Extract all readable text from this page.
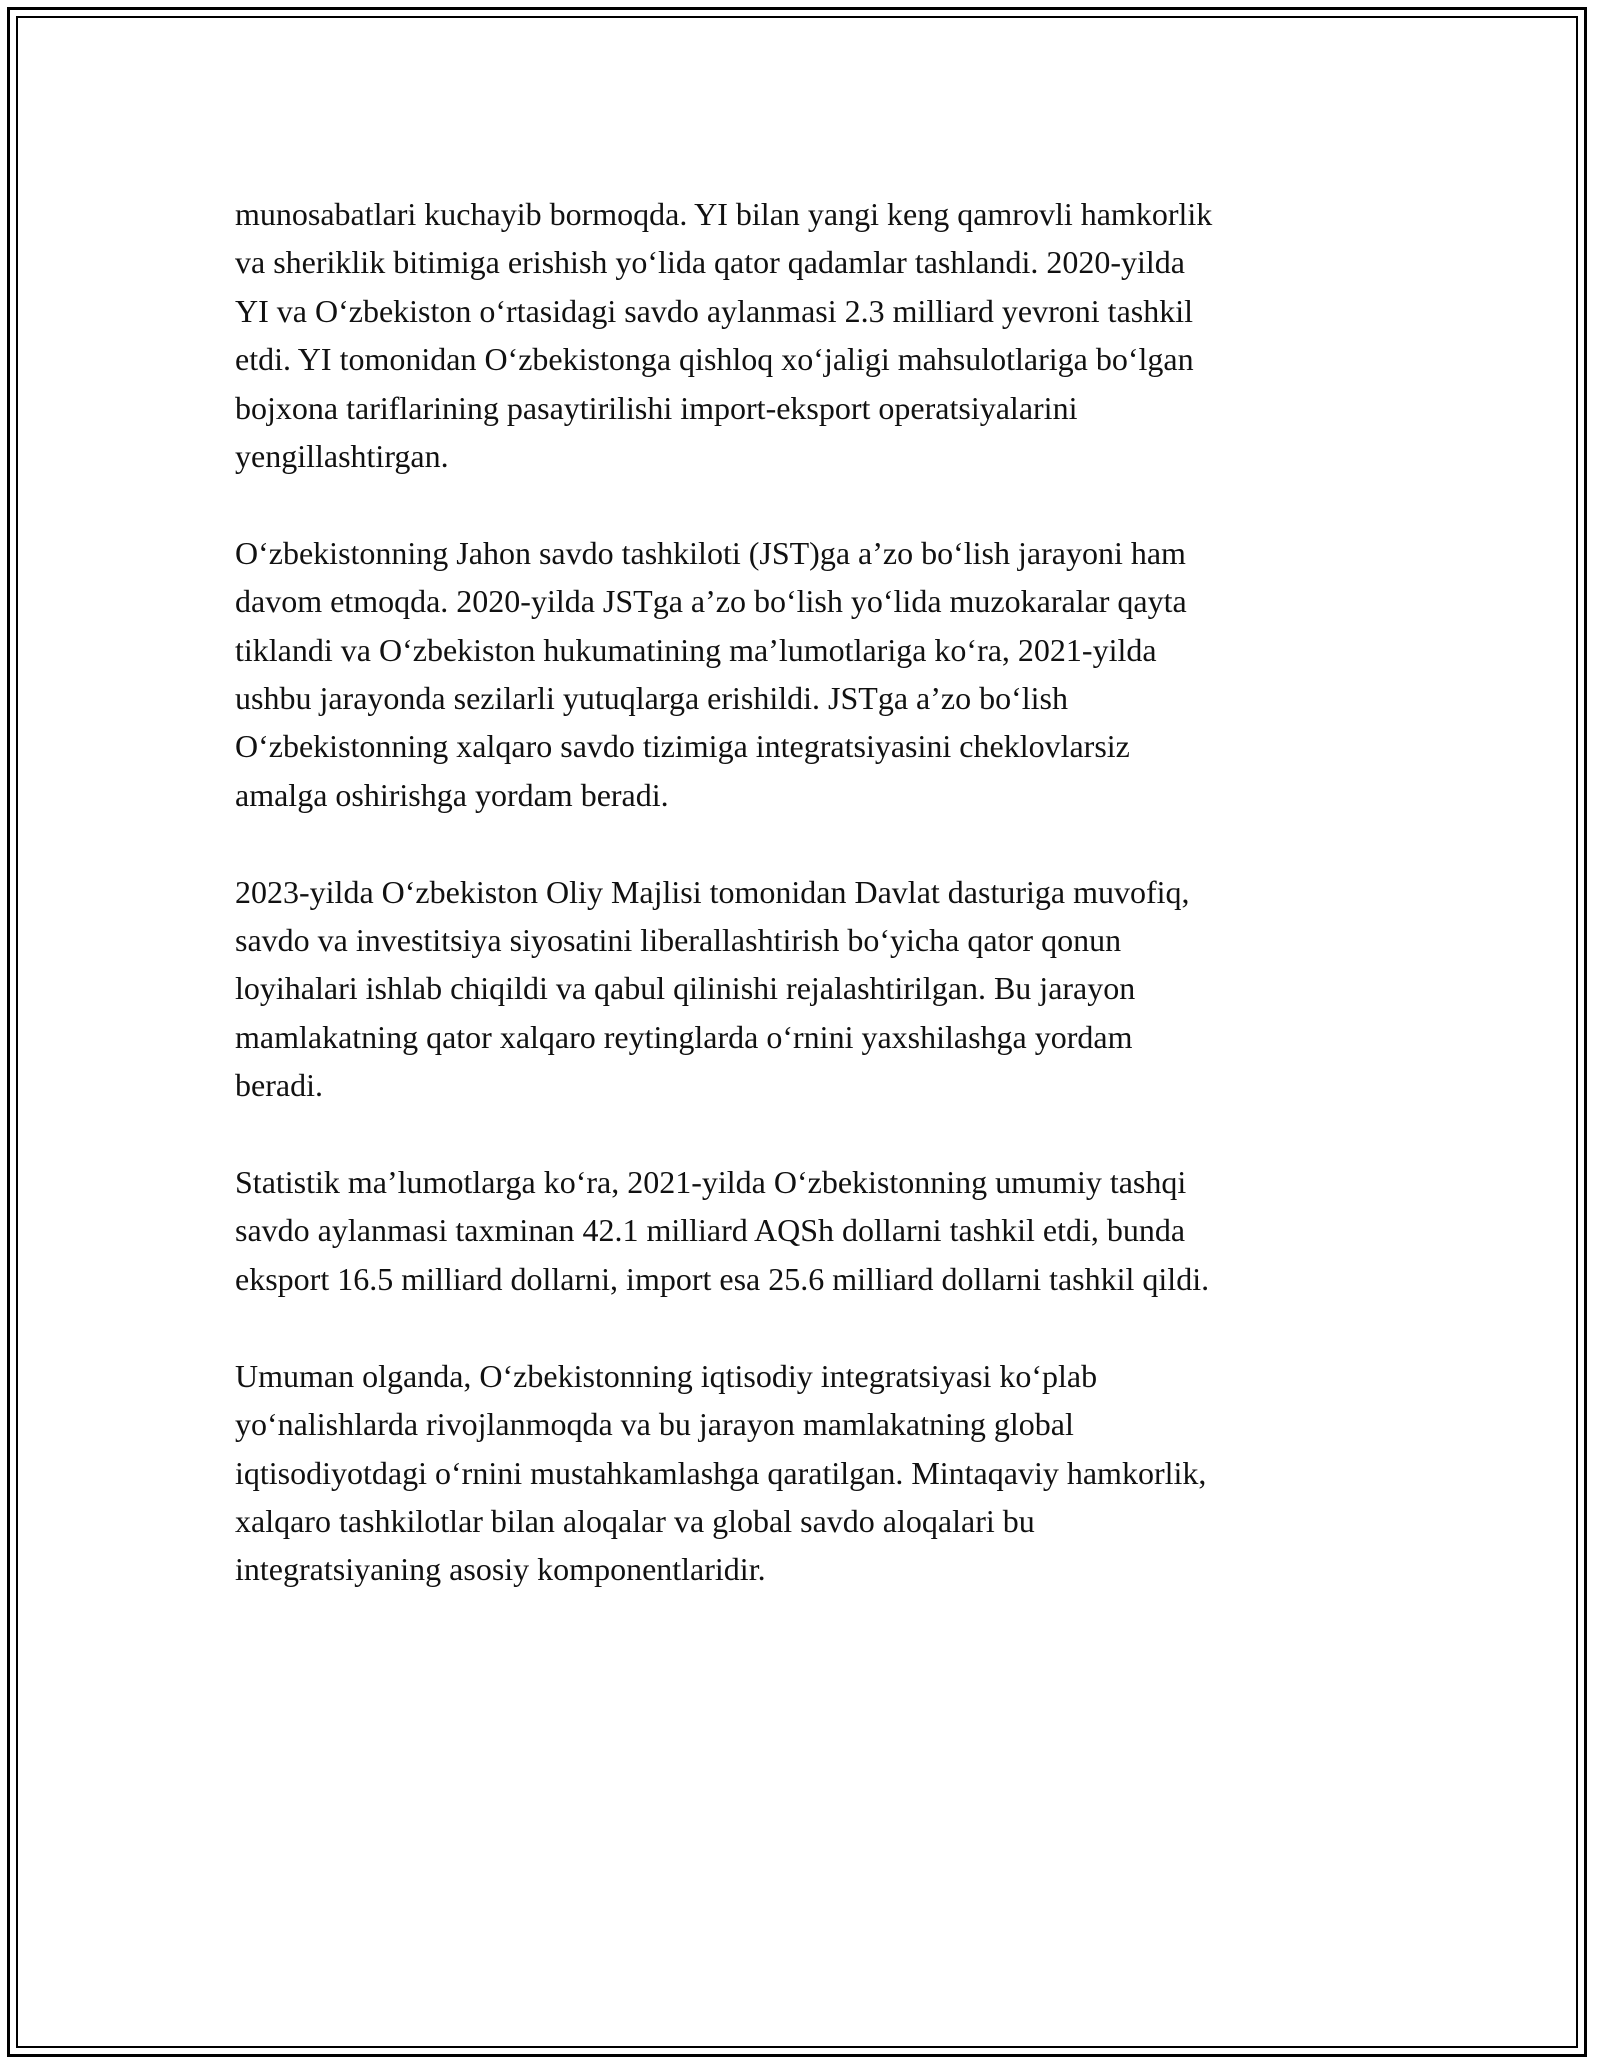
munosabatlari kuchayib bormoqda. YI bilan yangi keng qamrovli hamkorlik
va sheriklik bitimiga erishish yo‘lida qator qadamlar tashlandi. 2020-yilda
YI va O‘zbekiston o‘rtasidagi savdo aylanmasi 2.3 milliard yevroni tashkil
etdi. YI tomonidan O‘zbekistonga qishloq xo‘jaligi mahsulotlariga bo‘lgan
bojxona tariflarining pasaytirilishi import-eksport operatsiyalarini
yengillashtirgan.

O‘zbekistonning Jahon savdo tashkiloti (JST)ga a’zo bo‘lish jarayoni ham
davom etmoqda. 2020-yilda JSTga a’zo bo‘lish yo‘lida muzokaralar qayta
tiklandi va O‘zbekiston hukumatining ma’lumotlariga ko‘ra, 2021-yilda
ushbu jarayonda sezilarli yutuqlarga erishildi. JSTga a’zo bo‘lish
O‘zbekistonning xalqaro savdo tizimiga integratsiyasini cheklovlarsiz
amalga oshirishga yordam beradi.

2023-yilda O‘zbekiston Oliy Majlisi tomonidan Davlat dasturiga muvofiq,
savdo va investitsiya siyosatini liberallashtirish bo‘yicha qator qonun
loyihalari ishlab chiqildi va qabul qilinishi rejalashtirilgan. Bu jarayon
mamlakatning qator xalqaro reytinglarda o‘rnini yaxshilashga yordam
beradi.

Statistik ma’lumotlarga ko‘ra, 2021-yilda O‘zbekistonning umumiy tashqi
savdo aylanmasi taxminan 42.1 milliard AQSh dollarni tashkil etdi, bunda
eksport 16.5 milliard dollarni, import esa 25.6 milliard dollarni tashkil qildi.

Umuman olganda, O‘zbekistonning iqtisodiy integratsiyasi ko‘plab
yo‘nalishlarda rivojlanmoqda va bu jarayon mamlakatning global
iqtisodiyotdagi o‘rnini mustahkamlashga qaratilgan. Mintaqaviy hamkorlik,
xalqaro tashkilotlar bilan aloqalar va global savdo aloqalari bu
integratsiyaning asosiy komponentlaridir.
